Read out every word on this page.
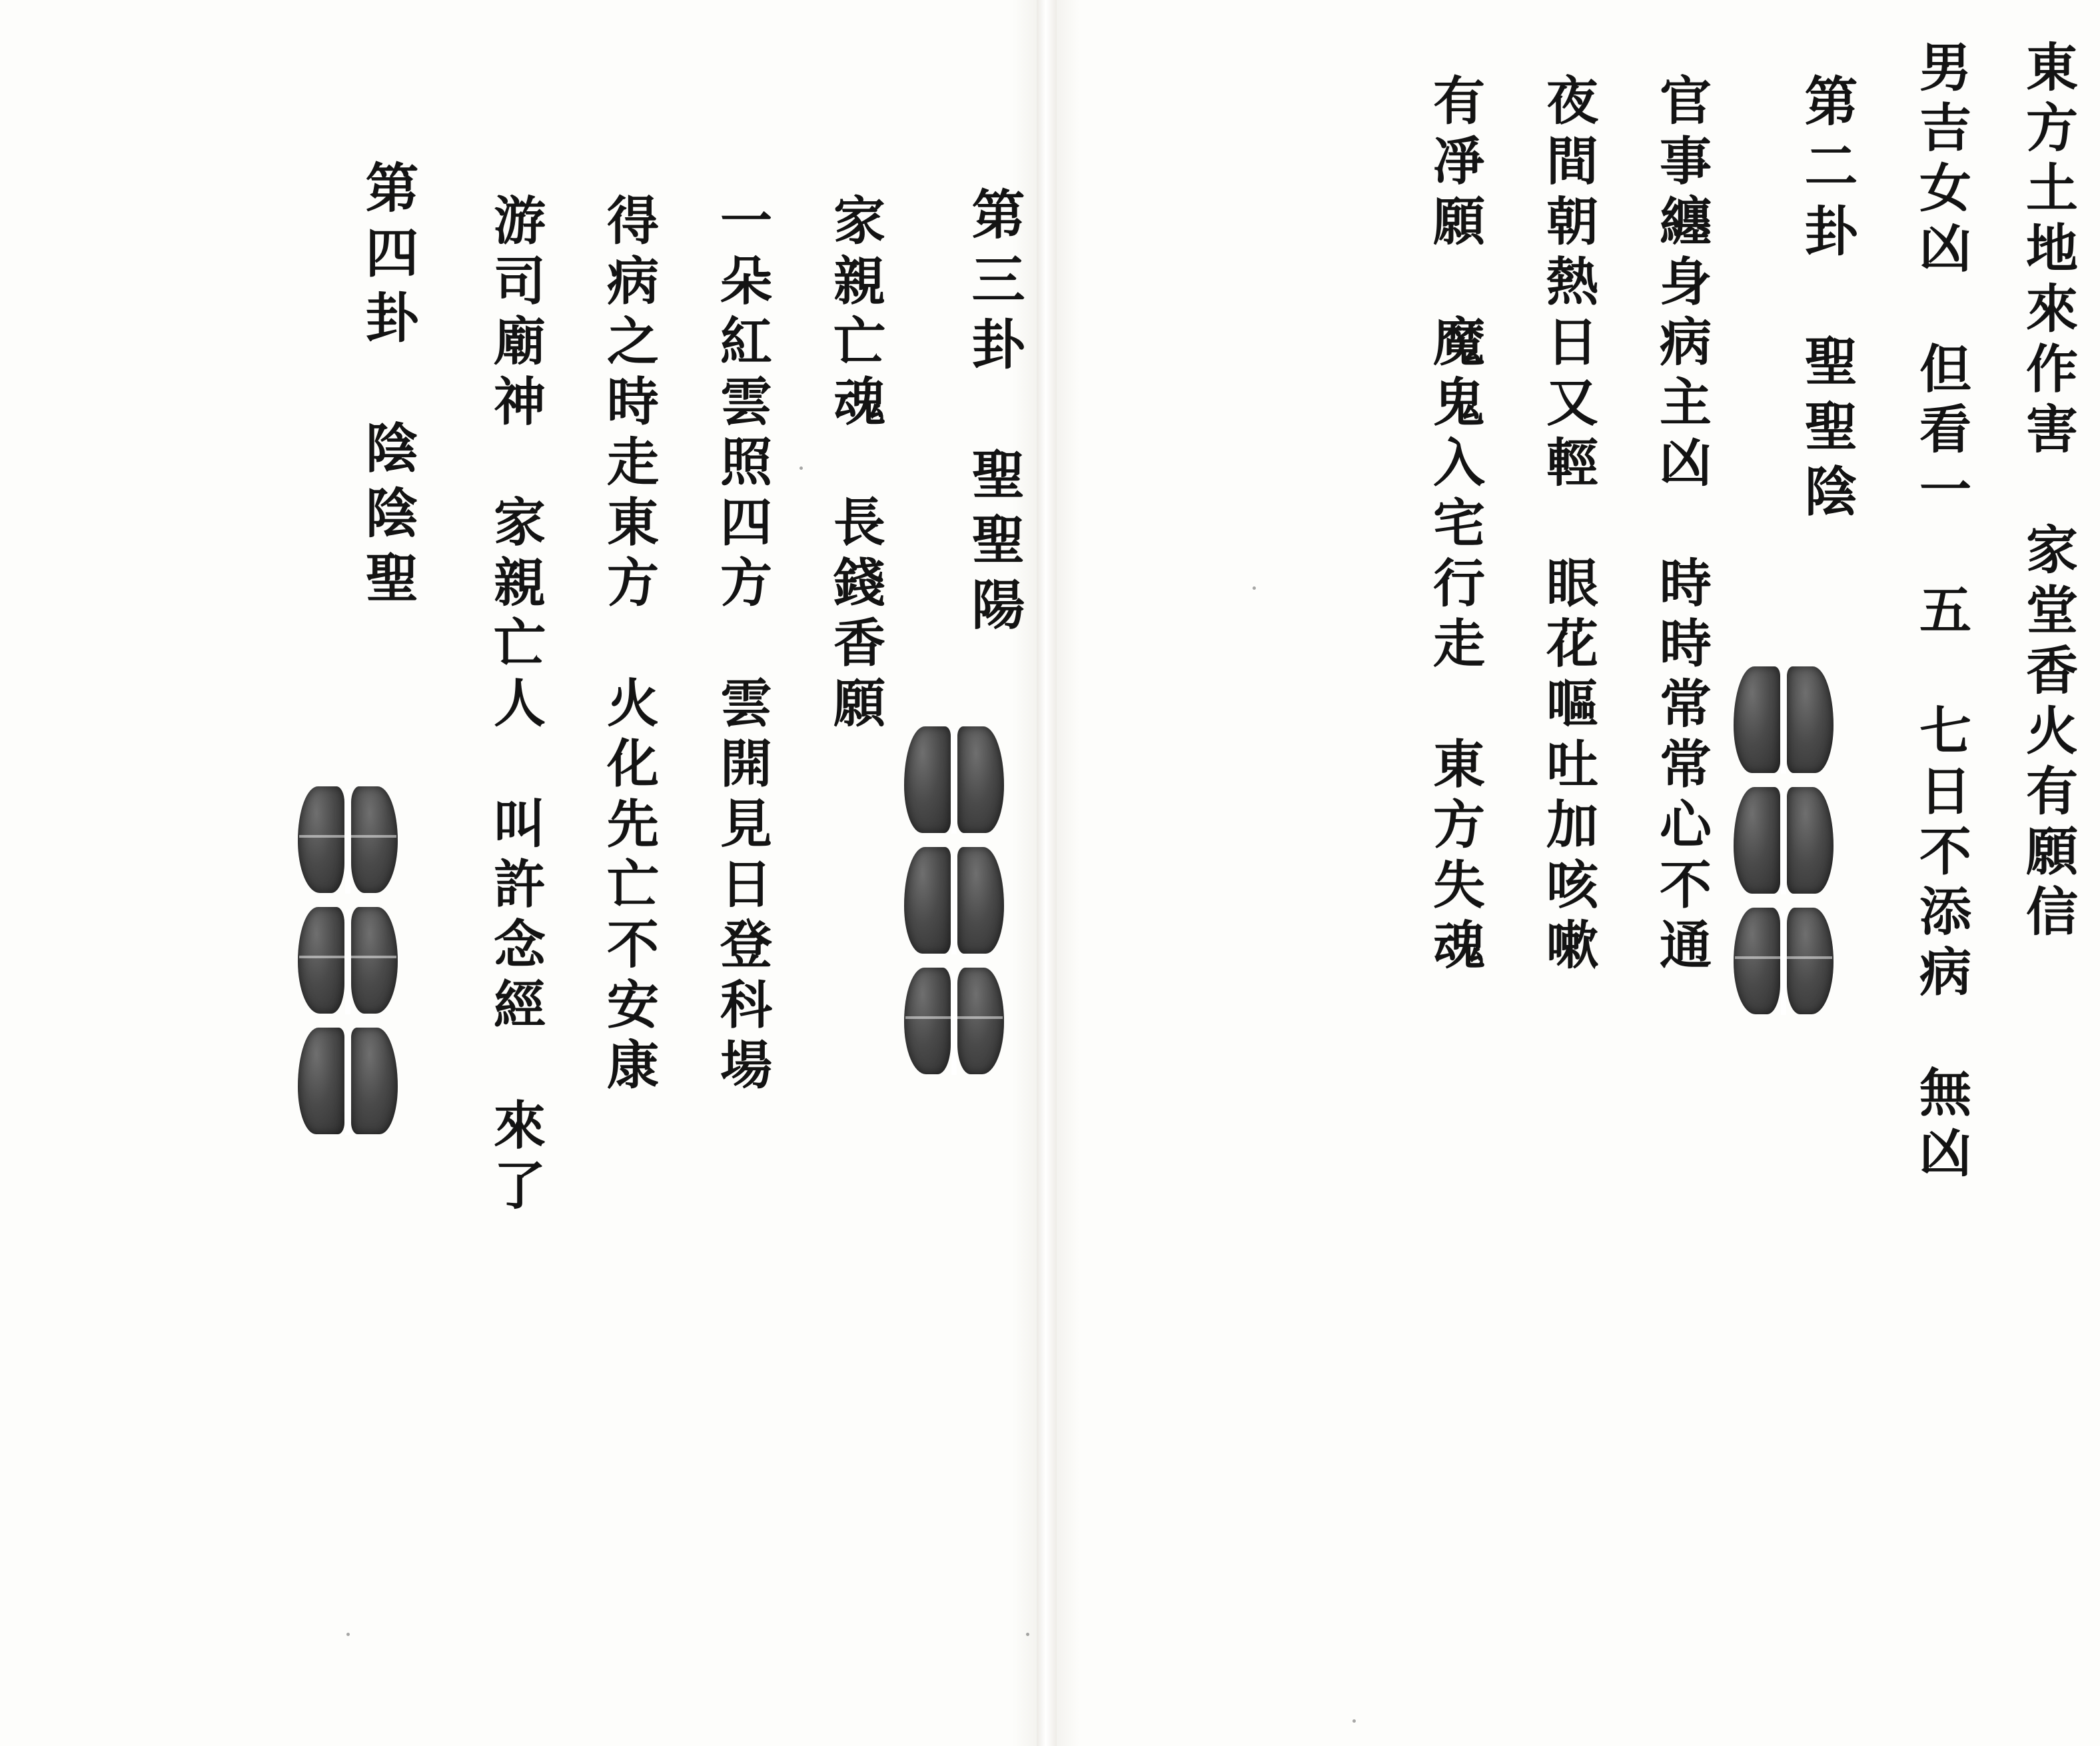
東方土地來作害　家堂香火有願信
男吉女凶　但看一　五　七日不添病　無凶
第二卦　聖聖陰
官事纏身病主凶　時時常常心不通
夜間朝熱日又輕　眼花嘔吐加咳嗽
有凈願　魔鬼入宅行走　東方失魂
第三卦　聖聖陽
家親亡魂　長錢香願
一朵紅雲照四方　雲開見日登科場
得病之時走東方　火化先亡不安康
游司廟神　家親亡人　叫許念經　來了
第四卦　陰陰聖
